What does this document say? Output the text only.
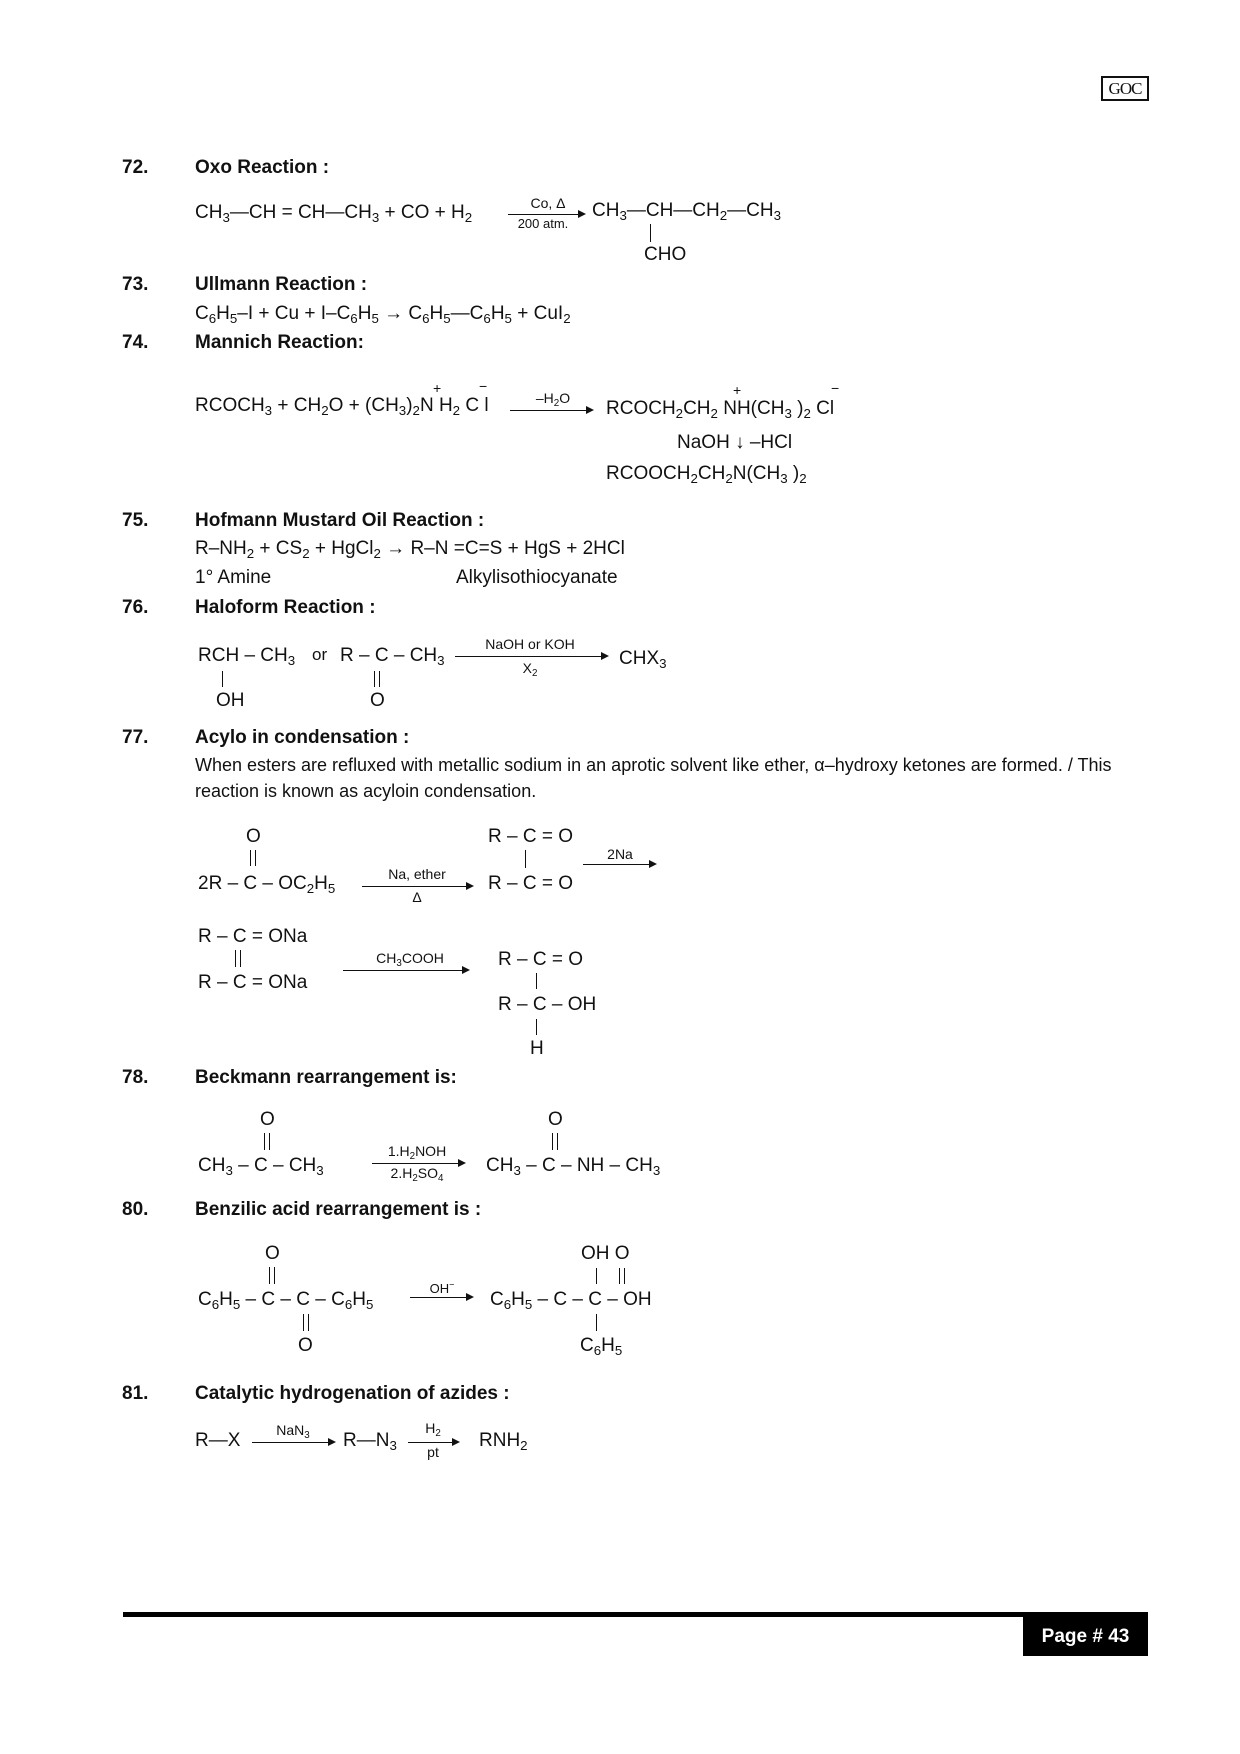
GOC
72. Oxo Reaction :
$CH_3—CH$ = $CH—CH_3$ + CO + $H_2$
Co, Δ
200 atm.
$CH_3—CH—CH_2—CH_3$
CHO
73. Ullmann Reaction :
$C_6H_5-I + Cu + I-C_6H_5$ → $C_6H_5—C_6H_5 + CuI_2$
74. Mannich Reaction:
$RCOCH_3 + CH_2O + (CH_3)_2N$ $H_2$ C l
+	−
$-H_2O$	$RCOCH_2CH_2$ $NH(CH_3$ )$_2$ Cl
+	−
NaOH ↓ –HCl
$RCOOCH_2CH_2N(CH_3$ )$_2$
75. Hofmann Mustard Oil Reaction :
$R-NH_2 + CS_2$ + HgCl$_2$ → R–N =C=S + HgS + 2HCl
1° Amine	Alkylisothiocyanate
76. Haloform Reaction :
RCH – $CH_3$
OH
or R – C – $CH_3$
O
NaOH or KOH
$X_2$
$CHX_3$
77. Acylo in condensation :
When esters are refluxed with metallic sodium in an aprotic solvent like ether, α–hydroxy ketones are formed. / This reaction is known as acyloin condensation.
O
2R – C – $OC_2H_5$
Na, ether
Δ
R – C = O
R – C = O
2Na
R – C = ONa
R – C = ONa
$CH_3COOH$	R – C = O
R – C – OH
H
78. Beckmann rearrangement is:
O
$CH_3$ – C – $CH_3$
$1.H_2NOH$
$2.H_2SO_4$
O
$CH_3$ – C – NH – $CH_3$
80. Benzilic acid rearrangement is :
O
$C_6H_5$ – C – C – $C_6H_5$
O
OH−
OH O
$C_6H_5$ – C – C – OH
$C_6H_5$
81. Catalytic hydrogenation of azides :
R—X	NaN$_3$	$R—N_3$
$H_2$
pt
$RNH_2$
Page # 43
